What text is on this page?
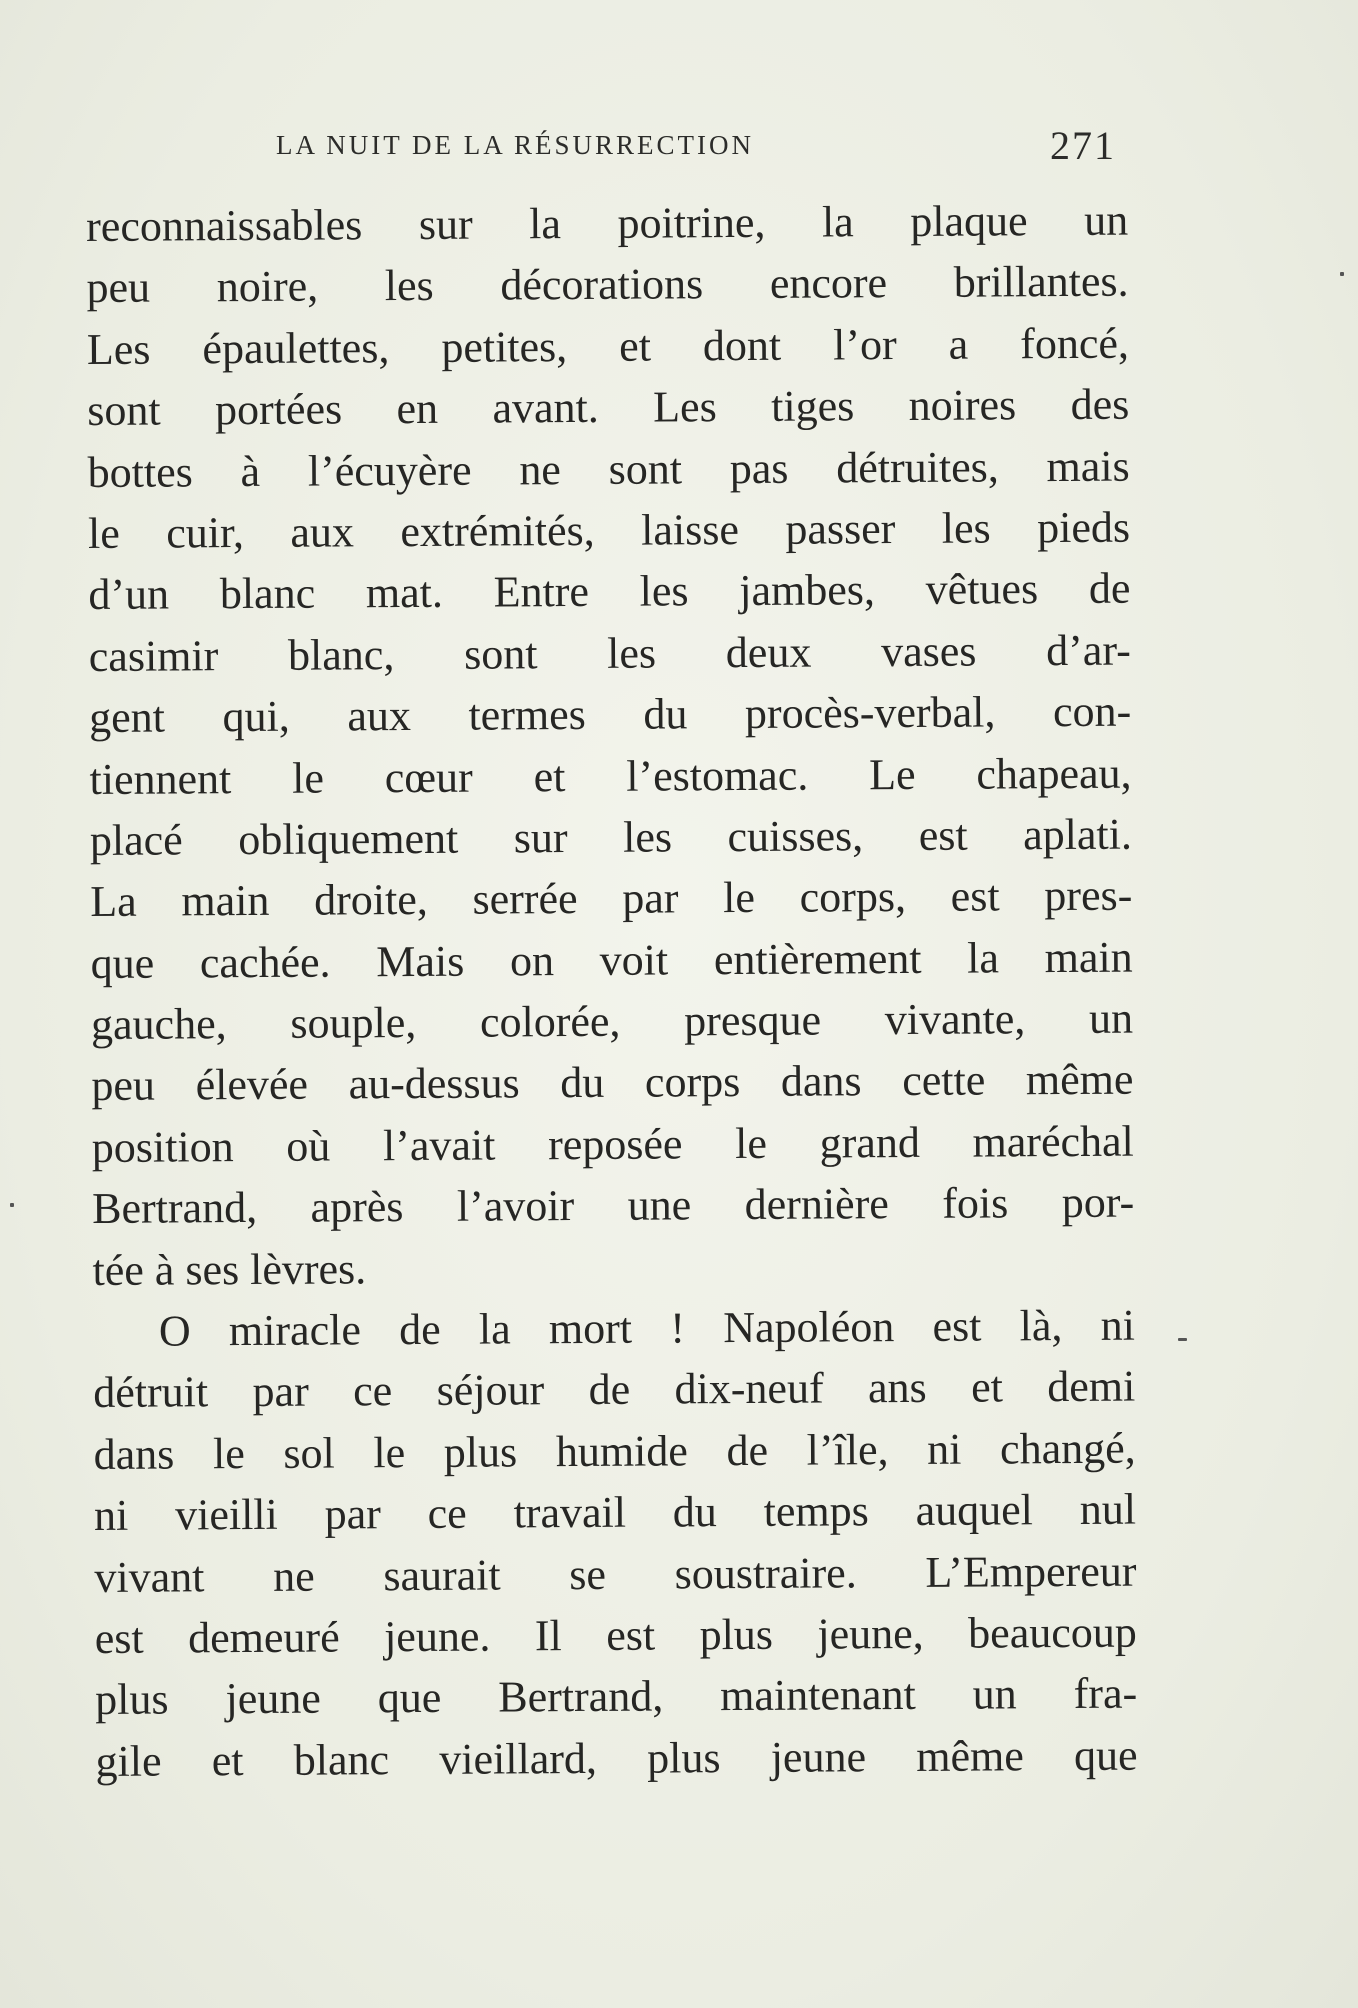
LA NUIT DE LA RÉSURRECTION	271
reconnaissables sur la poitrine, la plaque un
peu noire, les décorations encore brillantes.
Les épaulettes, petites, et dont l’or a foncé,
sont portées en avant. Les tiges noires des
bottes à l’écuyère ne sont pas détruites, mais
le cuir, aux extrémités, laisse passer les pieds
d’un blanc mat. Entre les jambes, vêtues de
casimir blanc, sont les deux vases d’ar-
gent qui, aux termes du procès-verbal, con-
tiennent le cœur et l’estomac. Le chapeau,
placé obliquement sur les cuisses, est aplati.
La main droite, serrée par le corps, est pres-
que cachée. Mais on voit entièrement la main
gauche, souple, colorée, presque vivante, un
peu élevée au-dessus du corps dans cette même
position où l’avait reposée le grand maréchal
Bertrand, après l’avoir une dernière fois por-
tée à ses lèvres.
O miracle de la mort ! Napoléon est là, ni
détruit par ce séjour de dix-neuf ans et demi
dans le sol le plus humide de l’île, ni changé,
ni vieilli par ce travail du temps auquel nul
vivant ne saurait se soustraire. L’Empereur
est demeuré jeune. Il est plus jeune, beaucoup
plus jeune que Bertrand, maintenant un fra-
gile et blanc vieillard, plus jeune même que
